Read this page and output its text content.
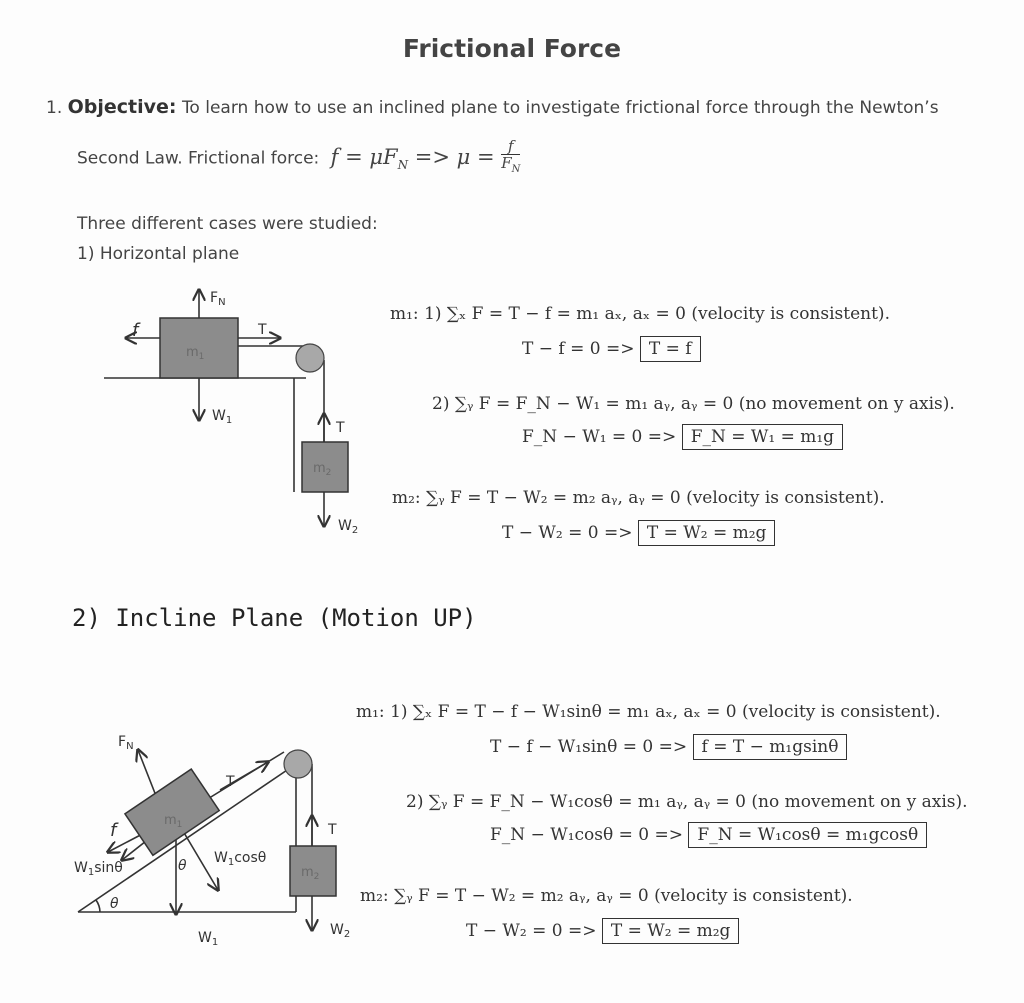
Frictional Force
1. Objective: To learn how to use an inclined plane to investigate frictional force through the Newton’s
Second Law. Frictional force: $f = \mu F_N => \mu = \frac{f}{F_N}$
Three different cases were studied:
1) Horizontal plane
$F_N$
f	T
$m_1$
$W_1$	T
$m_2$
$W_2$
m₁: 1) ∑ₓ F = T − f = m₁ aₓ, aₓ = 0 (velocity is consistent).
T − f = 0 => T = f
2) ∑ᵧ F = F_N − W₁ = m₁ aᵧ, aᵧ = 0 (no movement on y axis).
F_N − W₁ = 0 => F_N = W₁ = m₁g
m₂: ∑ᵧ F = T − W₂ = m₂ aᵧ, aᵧ = 0 (velocity is consistent).
T − W₂ = 0 => T = W₂ = m₂g
2) Incline Plane (Motion UP)
$F_N$
f
T
$m_1$
$W_1\sin\theta$
$W_1\cos\theta$
θ
θ
$W_1$
T
$m_2$
$W_2$
m₁: 1) ∑ₓ F = T − f − W₁sinθ = m₁ aₓ, aₓ = 0 (velocity is consistent).
T − f − W₁sinθ = 0 => f = T − m₁gsinθ
2) ∑ᵧ F = F_N − W₁cosθ = m₁ aᵧ, aᵧ = 0 (no movement on y axis).
F_N − W₁cosθ = 0 => F_N = W₁cosθ = m₁gcosθ
m₂: ∑ᵧ F = T − W₂ = m₂ aᵧ, aᵧ = 0 (velocity is consistent).
T − W₂ = 0 => T = W₂ = m₂g
